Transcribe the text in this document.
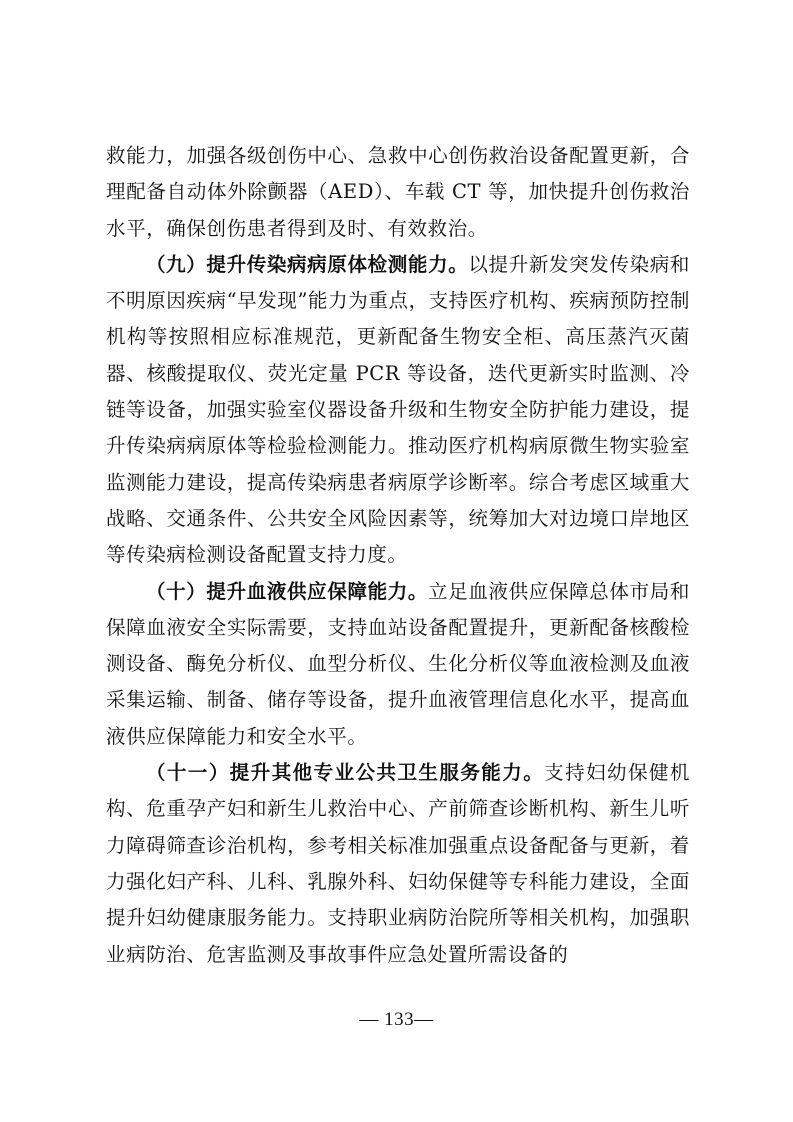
救能力，加强各级创伤中心、急救中心创伤救治设备配置更新，合理配备自动体外除颤器（AED）、车载 CT 等，加快提升创伤救治水平，确保创伤患者得到及时、有效救治。

（九）提升传染病病原体检测能力。以提升新发突发传染病和不明原因疾病“早发现”能力为重点，支持医疗机构、疾病预防控制机构等按照相应标准规范，更新配备生物安全柜、高压蒸汽灭菌器、核酸提取仪、荧光定量 PCR 等设备，迭代更新实时监测、冷链等设备，加强实验室仪器设备升级和生物安全防护能力建设，提升传染病病原体等检验检测能力。推动医疗机构病原微生物实验室监测能力建设，提高传染病患者病原学诊断率。综合考虑区域重大战略、交通条件、公共安全风险因素等，统筹加大对边境口岸地区等传染病检测设备配置支持力度。

（十）提升血液供应保障能力。立足血液供应保障总体市局和保障血液安全实际需要，支持血站设备配置提升，更新配备核酸检测设备、酶免分析仪、血型分析仪、生化分析仪等血液检测及血液采集运输、制备、储存等设备，提升血液管理信息化水平，提高血液供应保障能力和安全水平。

（十一）提升其他专业公共卫生服务能力。支持妇幼保健机构、危重孕产妇和新生儿救治中心、产前筛查诊断机构、新生儿听力障碍筛查诊治机构，参考相关标准加强重点设备配备与更新，着力强化妇产科、儿科、乳腺外科、妇幼保健等专科能力建设，全面提升妇幼健康服务能力。支持职业病防治院所等相关机构，加强职业病防治、危害监测及事故事件应急处置所需设备的

— 133—
